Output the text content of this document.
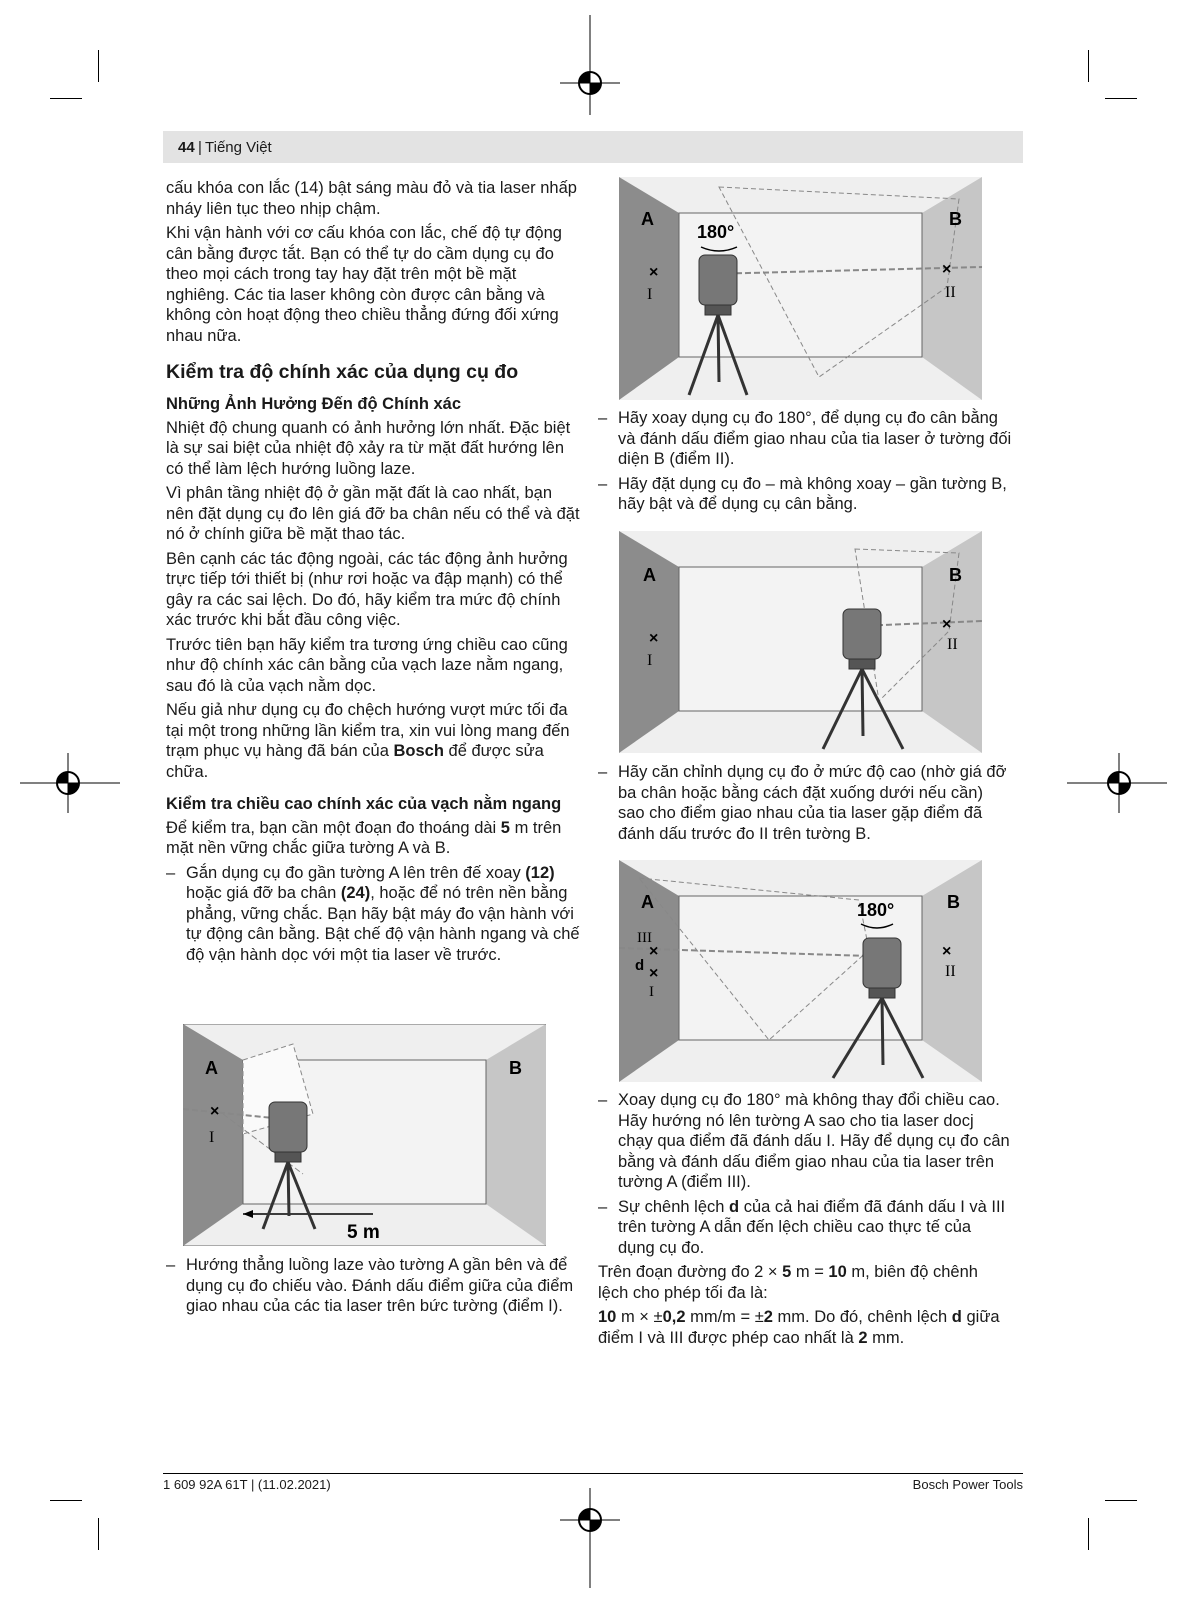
44 | Tiếng Việt

cấu khóa con lắc (14) bật sáng màu đỏ và tia laser nhấp nháy liên tục theo nhịp chậm.

Khi vận hành với cơ cấu khóa con lắc, chế độ tự động cân bằng được tắt. Bạn có thể tự do cầm dụng cụ đo theo mọi cách trong tay hay đặt trên một bề mặt nghiêng. Các tia laser không còn được cân bằng và không còn hoạt động theo chiều thẳng đứng đối xứng nhau nữa.

Kiểm tra độ chính xác của dụng cụ đo
Những Ảnh Hưởng Đến độ Chính xác

Nhiệt độ chung quanh có ảnh hưởng lớn nhất. Đặc biệt là sự sai biệt của nhiệt độ xảy ra từ mặt đất hướng lên có thể làm lệch hướng luồng laze.

Vì phân tầng nhiệt độ ở gần mặt đất là cao nhất, bạn nên đặt dụng cụ đo lên giá đỡ ba chân nếu có thể và đặt nó ở chính giữa bề mặt thao tác.

Bên cạnh các tác động ngoài, các tác động ảnh hưởng trực tiếp tới thiết bị (như rơi hoặc va đập mạnh) có thể gây ra các sai lệch. Do đó, hãy kiểm tra mức độ chính xác trước khi bắt đầu công việc.

Trước tiên bạn hãy kiểm tra tương ứng chiều cao cũng như độ chính xác cân bằng của vạch laze nằm ngang, sau đó là của vạch nằm dọc.

Nếu giả như dụng cụ đo chệch hướng vượt mức tối đa tại một trong những lần kiểm tra, xin vui lòng mang đến trạm phục vụ hàng đã bán của Bosch để được sửa chữa.

Kiểm tra chiều cao chính xác của vạch nằm ngang

Để kiểm tra, bạn cần một đoạn đo thoáng dài 5 m trên mặt nền vững chắc giữa tường A và B.

– Gắn dụng cụ đo gần tường A lên trên đế xoay (12) hoặc giá đỡ ba chân (24), hoặc để nó trên nền bằng phẳng, vững chắc. Bạn hãy bật máy đo vận hành với tự động cân bằng. Bật chế độ vận hành ngang và chế độ vận hành dọc với một tia laser về trước.

A	B
×
I
5 m

– Hướng thẳng luồng laze vào tường A gần bên và để dụng cụ đo chiếu vào. Đánh dấu điểm giữa của điểm giao nhau của các tia laser trên bức tường (điểm I).

A	B
180°
×
I
×
II

– Hãy xoay dụng cụ đo 180°, để dụng cụ đo cân bằng và đánh dấu điểm giao nhau của tia laser ở tường đối diện B (điểm II).

– Hãy đặt dụng cụ đo – mà không xoay – gần tường B, hãy bật và để dụng cụ cân bằng.

A	B
×
I
×
II

– Hãy căn chỉnh dụng cụ đo ở mức độ cao (nhờ giá đỡ ba chân hoặc bằng cách đặt xuống dưới nếu cần) sao cho điểm giao nhau của tia laser gặp điểm đã đánh dấu trước đo II trên tường B.

A	B
180°
III
×
d ×
I
×
II

– Xoay dụng cụ đo 180° mà không thay đổi chiều cao. Hãy hướng nó lên tường A sao cho tia laser docj chạy qua điểm đã đánh dấu I. Hãy để dụng cụ đo cân bằng và đánh dấu điểm giao nhau của tia laser trên tường A (điểm III).

– Sự chênh lệch d của cả hai điểm đã đánh dấu I và III trên tường A dẫn đến lệch chiều cao thực tế của dụng cụ đo.

Trên đoạn đường đo 2 × 5 m = 10 m, biên độ chênh lệch cho phép tối đa là:

10 m × ±0,2 mm/m = ±2 mm. Do đó, chênh lệch d giữa điểm I và III được phép cao nhất là 2 mm.

1 609 92A 61T | (11.02.2021)	Bosch Power Tools
